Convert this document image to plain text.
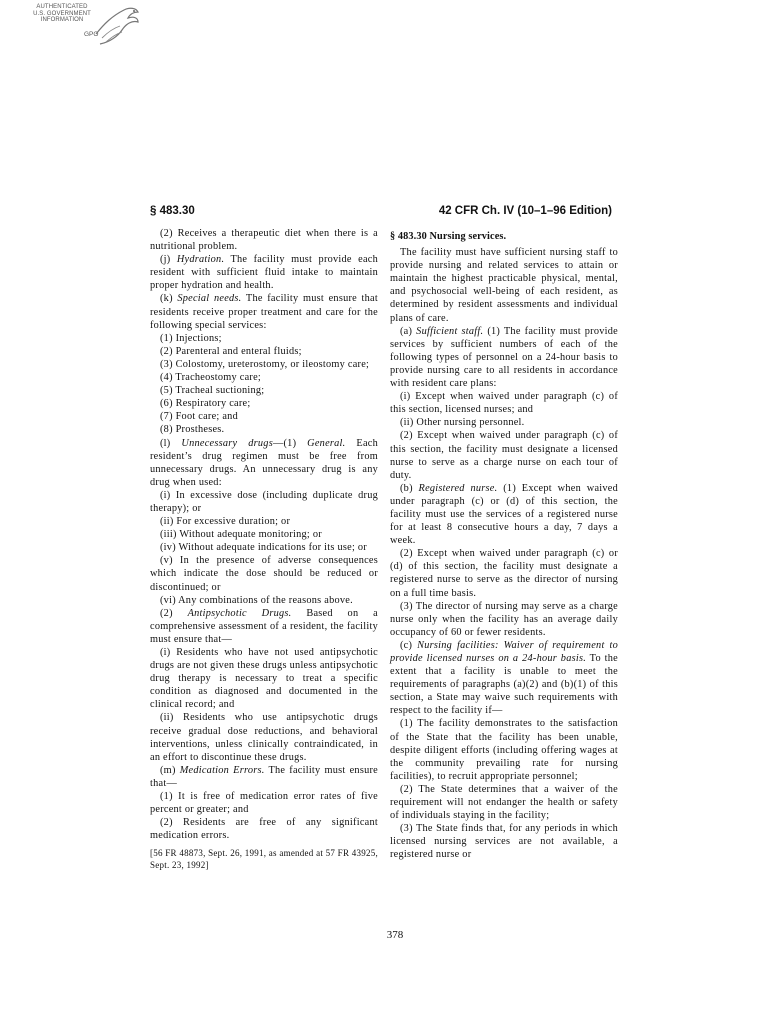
AUTHENTICATED
U.S. GOVERNMENT
INFORMATION
GPO
§ 483.30	42 CFR Ch. IV (10–1–96 Edition)

(2) Receives a therapeutic diet when there is a nutritional problem.

(j) Hydration. The facility must provide each resident with sufficient fluid intake to maintain proper hydration and health.

(k) Special needs. The facility must ensure that residents receive proper treatment and care for the following special services:

(1) Injections;

(2) Parenteral and enteral fluids;

(3) Colostomy, ureterostomy, or ileostomy care;

(4) Tracheostomy care;

(5) Tracheal suctioning;

(6) Respiratory care;

(7) Foot care; and

(8) Prostheses.

(l) Unnecessary drugs—(1) General. Each resident’s drug regimen must be free from unnecessary drugs. An unnecessary drug is any drug when used:

(i) In excessive dose (including duplicate drug therapy); or

(ii) For excessive duration; or

(iii) Without adequate monitoring; or

(iv) Without adequate indications for its use; or

(v) In the presence of adverse consequences which indicate the dose should be reduced or discontinued; or

(vi) Any combinations of the reasons above.

(2) Antipsychotic Drugs. Based on a comprehensive assessment of a resident, the facility must ensure that—

(i) Residents who have not used antipsychotic drugs are not given these drugs unless antipsychotic drug therapy is necessary to treat a specific condition as diagnosed and documented in the clinical record; and

(ii) Residents who use antipsychotic drugs receive gradual dose reductions, and behavioral interventions, unless clinically contraindicated, in an effort to discontinue these drugs.

(m) Medication Errors. The facility must ensure that—

(1) It is free of medication error rates of five percent or greater; and

(2) Residents are free of any significant medication errors.

[56 FR 48873, Sept. 26, 1991, as amended at 57 FR 43925, Sept. 23, 1992]

§ 483.30 Nursing services.

The facility must have sufficient nursing staff to provide nursing and related services to attain or maintain the highest practicable physical, mental, and psychosocial well-being of each resident, as determined by resident assessments and individual plans of care.

(a) Sufficient staff. (1) The facility must provide services by sufficient numbers of each of the following types of personnel on a 24-hour basis to provide nursing care to all residents in accordance with resident care plans:

(i) Except when waived under paragraph (c) of this section, licensed nurses; and

(ii) Other nursing personnel.

(2) Except when waived under paragraph (c) of this section, the facility must designate a licensed nurse to serve as a charge nurse on each tour of duty.

(b) Registered nurse. (1) Except when waived under paragraph (c) or (d) of this section, the facility must use the services of a registered nurse for at least 8 consecutive hours a day, 7 days a week.

(2) Except when waived under paragraph (c) or (d) of this section, the facility must designate a registered nurse to serve as the director of nursing on a full time basis.

(3) The director of nursing may serve as a charge nurse only when the facility has an average daily occupancy of 60 or fewer residents.

(c) Nursing facilities: Waiver of requirement to provide licensed nurses on a 24-hour basis. To the extent that a facility is unable to meet the requirements of paragraphs (a)(2) and (b)(1) of this section, a State may waive such requirements with respect to the facility if—

(1) The facility demonstrates to the satisfaction of the State that the facility has been unable, despite diligent efforts (including offering wages at the community prevailing rate for nursing facilities), to recruit appropriate personnel;

(2) The State determines that a waiver of the requirement will not endanger the health or safety of individuals staying in the facility;

(3) The State finds that, for any periods in which licensed nursing services are not available, a registered nurse or

378
